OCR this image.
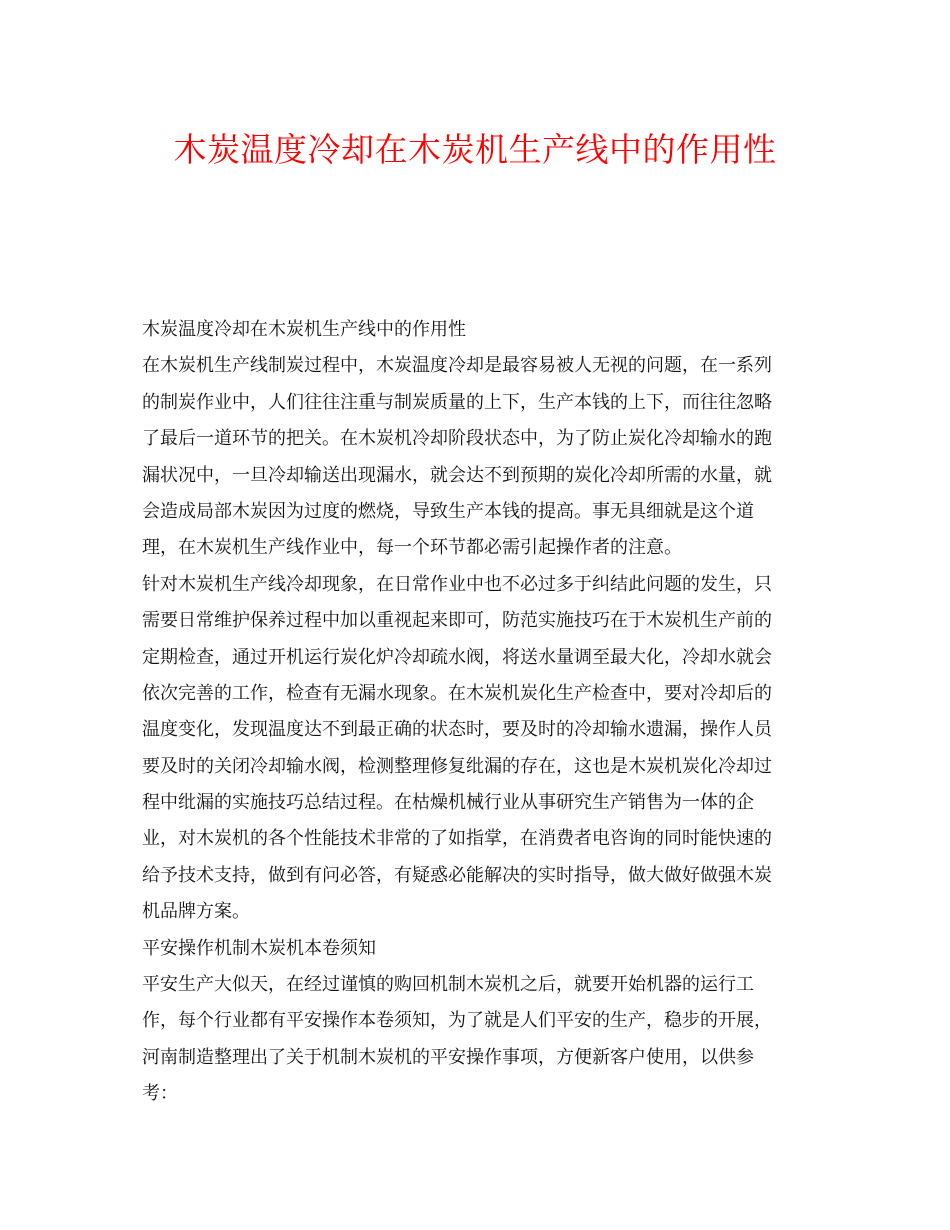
木炭温度冷却在木炭机生产线中的作用性

木炭温度冷却在木炭机生产线中的作用性

在木炭机生产线制炭过程中，木炭温度冷却是最容易被人无视的问题，在一系列

的制炭作业中，人们往往注重与制炭质量的上下，生产本钱的上下，而往往忽略

了最后一道环节的把关。在木炭机冷却阶段状态中，为了防止炭化冷却输水的跑

漏状况中，一旦冷却输送出现漏水，就会达不到预期的炭化冷却所需的水量，就

会造成局部木炭因为过度的燃烧，导致生产本钱的提高。事无具细就是这个道

理，在木炭机生产线作业中，每一个环节都必需引起操作者的注意。

针对木炭机生产线冷却现象，在日常作业中也不必过多于纠结此问题的发生，只

需要日常维护保养过程中加以重视起来即可，防范实施技巧在于木炭机生产前的

定期检查，通过开机运行炭化炉冷却疏水阀，将送水量调至最大化，冷却水就会

依次完善的工作，检查有无漏水现象。在木炭机炭化生产检查中，要对冷却后的

温度变化，发现温度达不到最正确的状态时，要及时的冷却输水遗漏，操作人员

要及时的关闭冷却输水阀，检测整理修复纰漏的存在，这也是木炭机炭化冷却过

程中纰漏的实施技巧总结过程。在枯燥机械行业从事研究生产销售为一体的企

业，对木炭机的各个性能技术非常的了如指掌，在消费者电咨询的同时能快速的

给予技术支持，做到有问必答，有疑惑必能解决的实时指导，做大做好做强木炭

机品牌方案。

平安操作机制木炭机本卷须知

平安生产大似天，在经过谨慎的购回机制木炭机之后，就要开始机器的运行工

作，每个行业都有平安操作本卷须知，为了就是人们平安的生产，稳步的开展，

河南制造整理出了关于机制木炭机的平安操作事项，方便新客户使用，以供参

考：
